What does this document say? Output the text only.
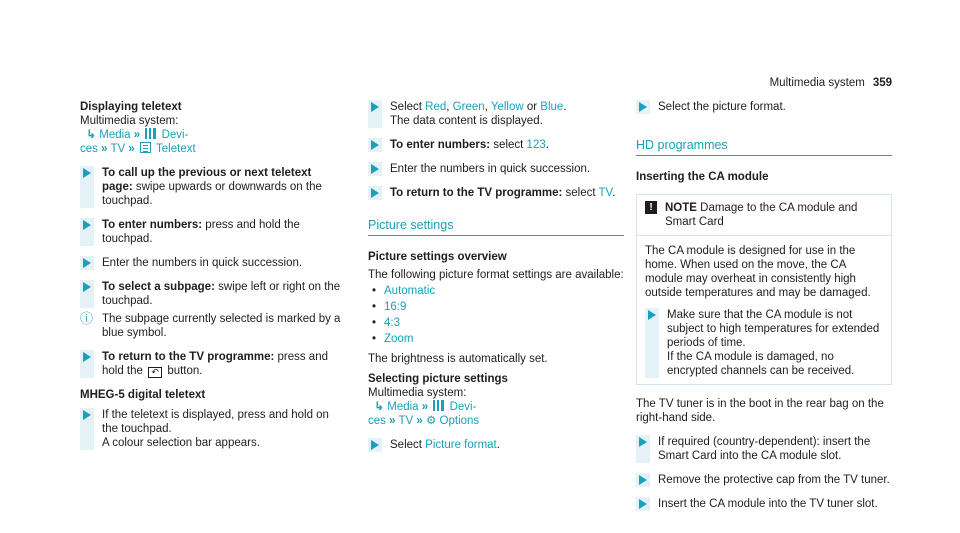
Multimedia system 359

Displaying teletext

Multimedia system:

↳ Media » Devi-
ces » TV » Teletext

To call up the previous or next teletext page: swipe upwards or downwards on the touchpad.
To enter numbers: press and hold the touchpad.
Enter the numbers in quick succession.
To select a subpage: swipe left or right on the touchpad.
ⓘ The subpage currently selected is marked by a blue symbol.
To return to the TV programme: press and hold the ↶ button.

MHEG-5 digital teletext

If the teletext is displayed, press and hold on the touchpad.
A colour selection bar appears.
Select Red, Green, Yellow or Blue.
The data content is displayed.
To enter numbers: select 123.
Enter the numbers in quick succession.
To return to the TV programme: select TV.
Picture settings

Picture settings overview

The following picture format settings are available:

•
Automatic
•
16:9
•
4:3
•
Zoom

The brightness is automatically set.

Selecting picture settings

Multimedia system:

↳ Media » Devi-
ces » TV » ⚙ Options

Select Picture format.
Select the picture format.
HD programmes

Inserting the CA module

!	NOTE Damage to the CA module and Smart Card

The CA module is designed for use in the home. When used on the move, the CA module may overheat in consistently high outside temperatures and may be damaged.

Make sure that the CA module is not subject to high temperatures for extended periods of time.
If the CA module is damaged, no encrypted channels can be received.

The TV tuner is in the boot in the rear bag on the right-hand side.

If required (country-dependent): insert the Smart Card into the CA module slot.
Remove the protective cap from the TV tuner.
Insert the CA module into the TV tuner slot.
